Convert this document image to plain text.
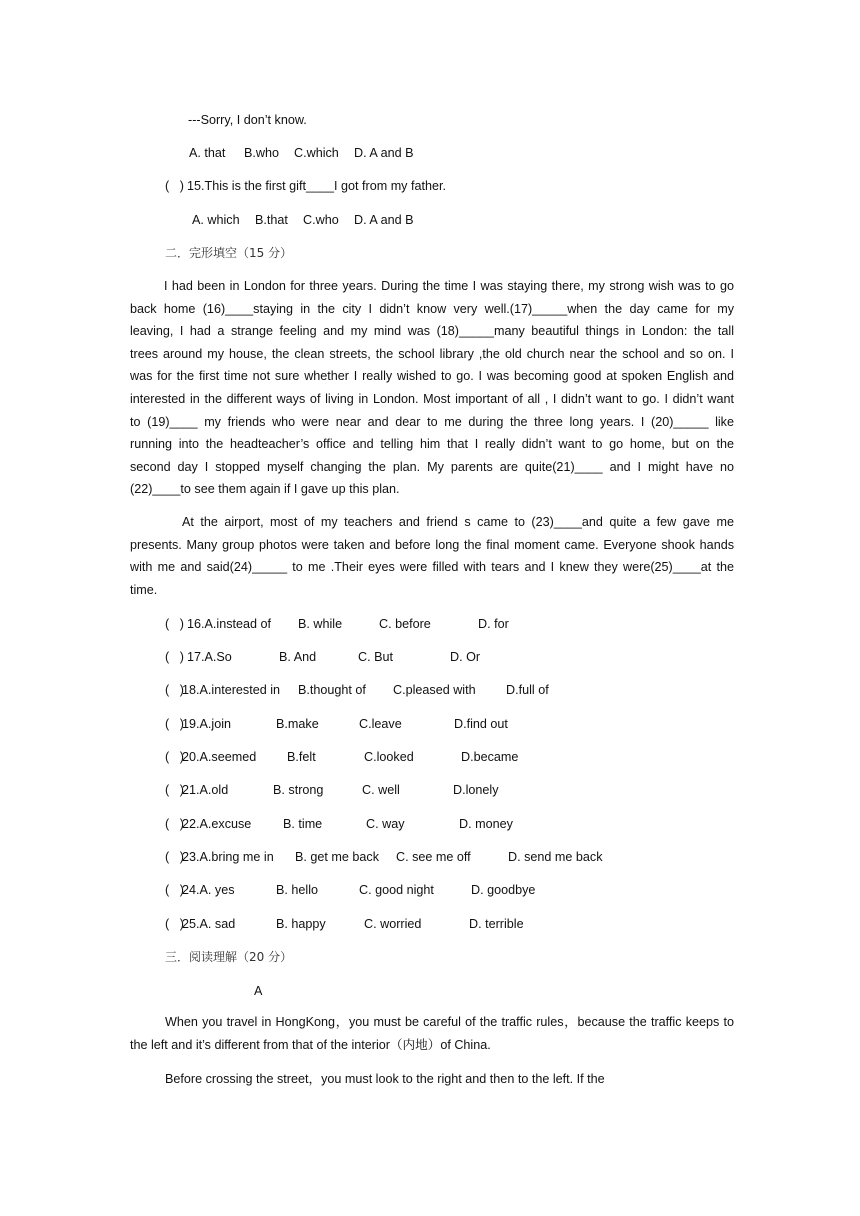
---Sorry, I don’t know.

A. that

B.who

C.which

D. A and B

(   )

15.This is the first gift____I got from my father.

A. which

B.that

C.who

D. A and B

二．完形填空（15 分）
I had been in London for three years. During the time I was staying there, my strong wish was to go
back home (16)____staying in the city I didn’t know very well.(17)_____when the day came for my
leaving, I had a strange feeling and my mind was (18)_____many beautiful things in London: the tall
trees around my house, the clean streets, the school library ,the old church near the school and so on. I
was for the first time not sure whether I really wished to go. I was becoming good at spoken English and
interested in the different ways of living in London. Most important of all , I didn’t want to go. I didn’t want
to (19)____ my friends who were near and dear to me during the three long years. I (20)_____ like
running into the headteacher’s office and telling him that I really didn’t want to go home, but on the
second day I stopped myself changing the plan. My parents are quite(21)____ and I might have no
(22)____to see them again if I gave up this plan.
At the airport, most of my teachers and friend s came to (23)____and quite a few gave me
presents. Many group photos were taken and before long the final moment came. Everyone shook hands
with me and said(24)_____ to me .Their eyes were filled with tears and I knew they were(25)____at the
time.

(   )

16.A.instead of

B. while

	C. before

	D. for

(   )

17.A.So

	B. And

	C. But

	D. Or

(   )

18.A.interested in

B.thought of

C.pleased with

D.full of

(   )

19.A.join

	B.make

	C.leave

	D.find out

(   )

20.A.seemed

B.felt

	C.looked

	D.became

(   )

21.A.old

	B. strong

	C. well

	D.lonely

(   )

22.A.excuse

	B. time

	C. way

	D. money

(   )

23.A.bring me in

B. get me back

C. see me off

	D. send me back

(   )

24.A. yes

	B. hello

	C. good night

	D. goodbye

(   )

25.A. sad

	B. happy

	C. worried

	D. terrible

三．阅读理解（20 分）
A
When you travel in HongKong，you must be careful of the traffic rules，because the traffic keeps to
the left and it’s different from that of the interior（内地）of China.
Before crossing the street，you must look to the right and then to the left. If the
